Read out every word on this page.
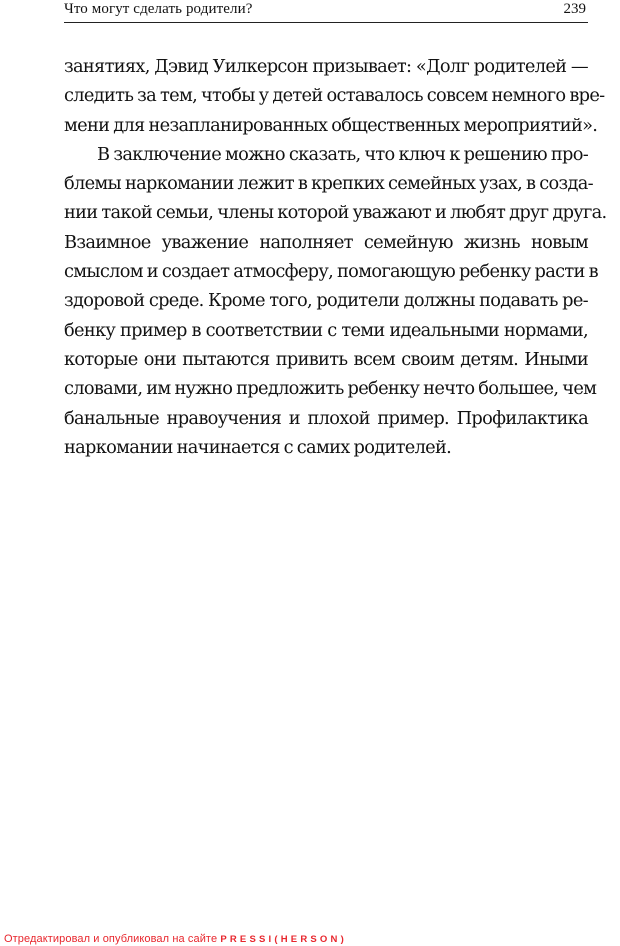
Что могут сделать родители?	239
занятиях, Дэвид Уилкерсон призывает: «Долг родителей —
следить за тем, чтобы у детей оставалось совсем немного вре-
мени для незапланированных общественных мероприятий».
В заключение можно сказать, что ключ к решению про-
блемы наркомании лежит в крепких семейных узах, в созда-
нии такой семьи, члены которой уважают и любят друг друга.
Взаимное уважение наполняет семейную жизнь новым
смыслом и создает атмосферу, помогающую ребенку расти в
здоровой среде. Кроме того, родители должны подавать ре-
бенку пример в соответствии с теми идеальными нормами,
которые они пытаются привить всем своим детям. Иными
словами, им нужно предложить ребенку нечто большее, чем
банальные нравоучения и плохой пример. Профилактика
наркомании начинается с самих родителей.
Отредактировал и опубликовал на сайте PRESSI(HERSON)
